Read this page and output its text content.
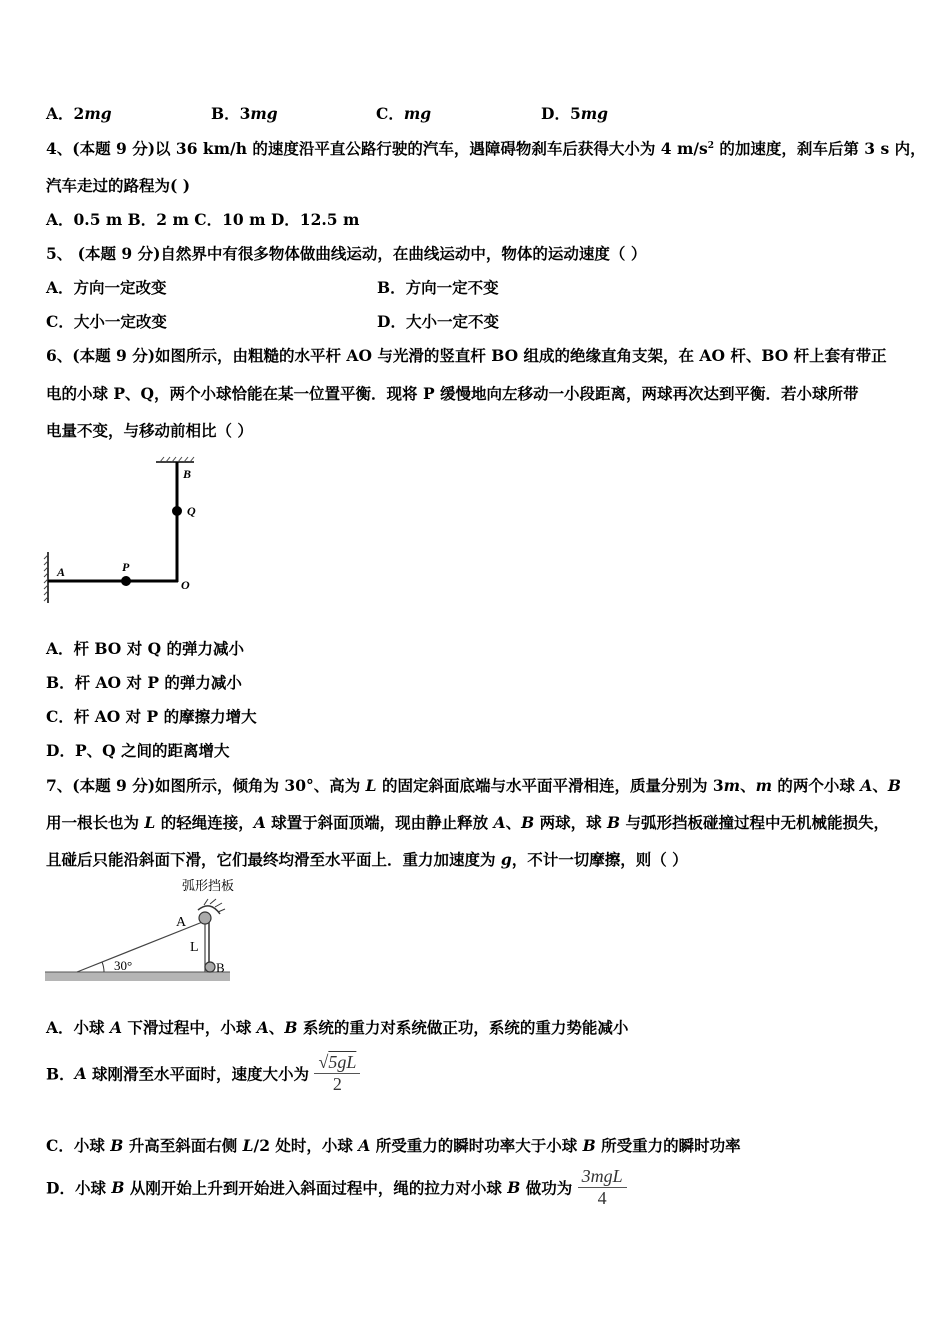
A．2mg	B．3mg	C．mg	D．5mg
4、(本题 9 分)以 36 km/h 的速度沿平直公路行驶的汽车，遇障碍物刹车后获得大小为 4 $m/s^2$ 的加速度，刹车后第 3 s 内，
汽车走过的路程为( )
A．0.5 m B．2 m C．10 m D．12.5 m
5、 (本题 9 分)自然界中有很多物体做曲线运动，在曲线运动中，物体的运动速度（ ）
A．方向一定改变	B．方向一定不变
C．大小一定改变	D．大小一定不变
6、(本题 9 分)如图所示，由粗糙的水平杆 AO 与光滑的竖直杆 BO 组成的绝缘直角支架，在 AO 杆、BO 杆上套有带正
电的小球 P、Q，两个小球恰能在某一位置平衡．现将 P 缓慢地向左移动一小段距离，两球再次达到平衡．若小球所带
电量不变，与移动前相比（ ）
A
B
O
P
Q
A．杆 BO 对 Q 的弹力减小
B．杆 AO 对 P 的弹力减小
C．杆 AO 对 P 的摩擦力增大
D．P、Q 之间的距离增大
7、(本题 9 分)如图所示，倾角为 30°、高为 L 的固定斜面底端与水平面平滑相连，质量分别为 3m、m 的两个小球 A、B
用一根长也为 L 的轻绳连接，A 球置于斜面顶端，现由静止释放 A、B 两球，球 B 与弧形挡板碰撞过程中无机械能损失，
且碰后只能沿斜面下滑，它们最终均滑至水平面上．重力加速度为 g，不计一切摩擦，则（ ）
弧形挡板
A
L
B
30°
A．小球 A 下滑过程中，小球 A、B 系统的重力对系统做正功，系统的重力势能减小
B．A 球刚滑至水平面时，速度大小为 $\frac{√5gL}{2}$
C．小球 B 升高至斜面右侧 L/2 处时，小球 A 所受重力的瞬时功率大于小球 B 所受重力的瞬时功率
D．小球 B 从刚开始上升到开始进入斜面过程中，绳的拉力对小球 B 做功为 $\frac{\text{3mgL}}{4}$
